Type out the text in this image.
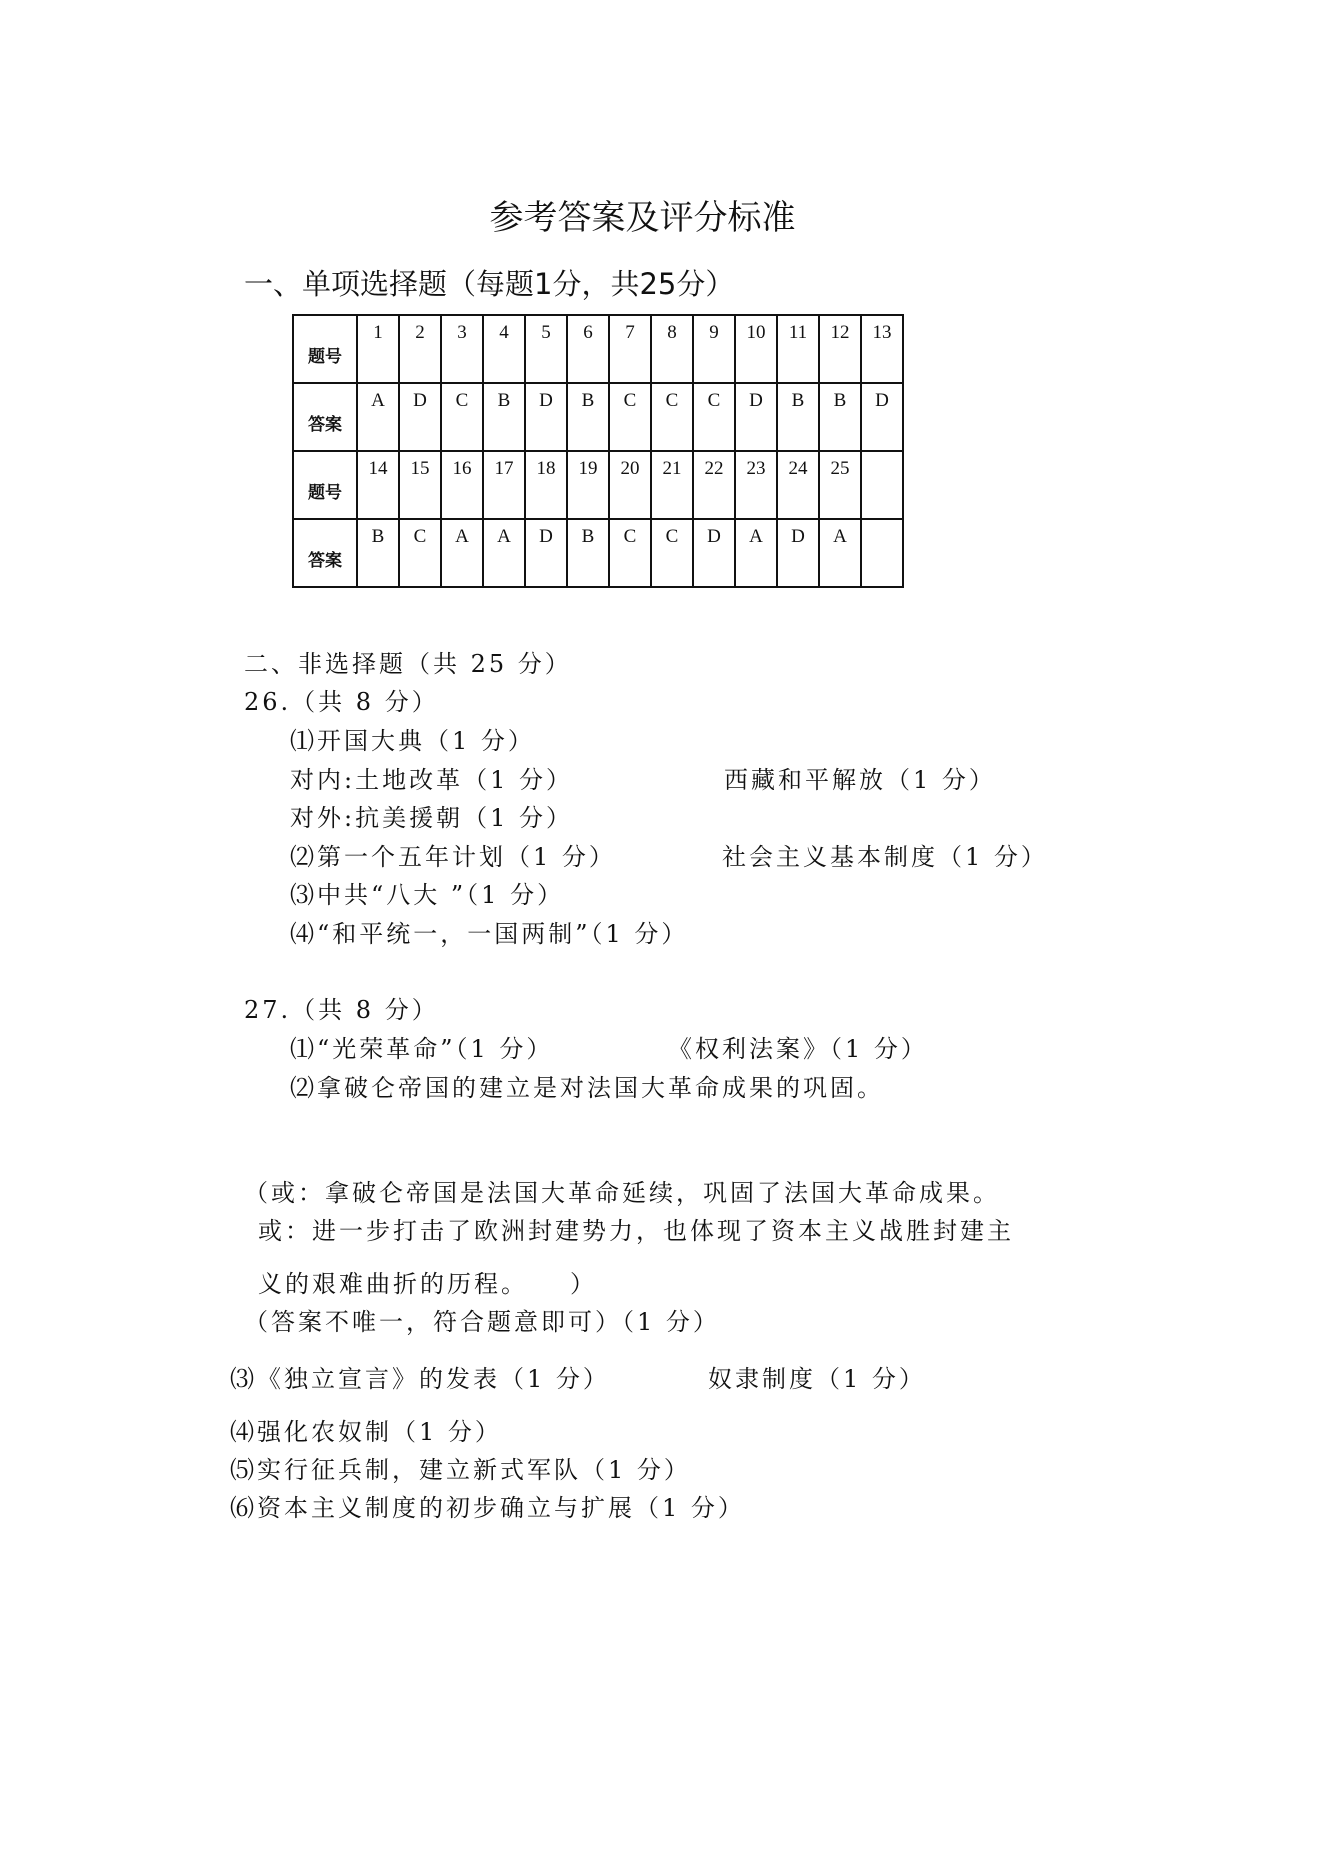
参考答案及评分标准
一、单项选择题（每题1分，共25分）
题号	1	2	3	4	5	6	7	8	9	10	11	12	13
答案	A	D	C	B	D	B	C	C	C	D	B	B	D
题号	14	15	16	17	18	19	20	21	22	23	24	25	
答案	B	C	A	A	D	B	C	C	D	A	D	A	
二、非选择题（共 25 分）
26.（共 8 分）
⑴开国大典（1 分）
对内:土地改革（1 分）	西藏和平解放（1 分）
对外:抗美援朝（1 分）
⑵第一个五年计划（1 分）	社会主义基本制度（1 分）
⑶中共“八大 ”（1 分）
⑷“和平统一，一国两制”（1 分）
27.（共 8 分）
⑴“光荣革命”（1 分）	《权利法案》（1 分）
⑵拿破仑帝国的建立是对法国大革命成果的巩固。
（或：拿破仑帝国是法国大革命延续，巩固了法国大革命成果。
或：进一步打击了欧洲封建势力，也体现了资本主义战胜封建主
义的艰难曲折的历程。　　）
（答案不唯一，符合题意即可）（1 分）
⑶《独立宣言》的发表（1 分）	奴隶制度（1 分）
⑷强化农奴制（1 分）
⑸实行征兵制，建立新式军队（1 分）
⑹资本主义制度的初步确立与扩展（1 分）
